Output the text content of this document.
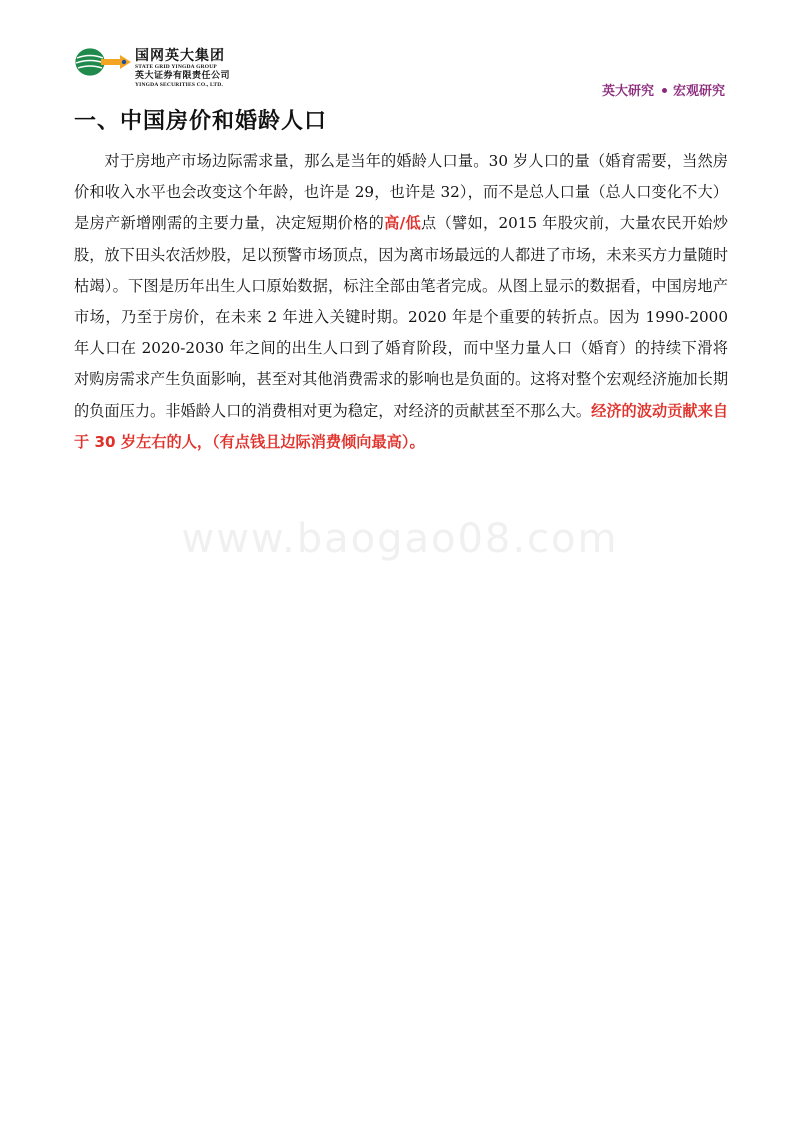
国网英大集团
STATE GRID YINGDA GROUP
英大证券有限责任公司
YINGDA SECURITIES CO., LTD.	英大研究 宏观研究
一、中国房价和婚龄人口

对于房地产市场边际需求量，那么是当年的婚龄人口量。30 岁人口的量（婚育需要，当然房价和收入水平也会改变这个年龄，也许是 29，也许是 32），而不是总人口量（总人口变化不大）是房产新增刚需的主要力量，决定短期价格的高/低点（譬如，2015 年股灾前，大量农民开始炒股，放下田头农活炒股，足以预警市场顶点，因为离市场最远的人都进了市场，未来买方力量随时枯竭）。下图是历年出生人口原始数据，标注全部由笔者完成。从图上显示的数据看，中国房地产市场，乃至于房价，在未来 2 年进入关键时期。2020 年是个重要的转折点。因为 1990-2000 年人口在 2020-2030 年之间的出生人口到了婚育阶段，而中坚力量人口（婚育）的持续下滑将对购房需求产生负面影响，甚至对其他消费需求的影响也是负面的。这将对整个宏观经济施加长期的负面压力。非婚龄人口的消费相对更为稳定，对经济的贡献甚至不那么大。经济的波动贡献来自于 30 岁左右的人，（有点钱且边际消费倾向最高）。

www.baogao08.com
